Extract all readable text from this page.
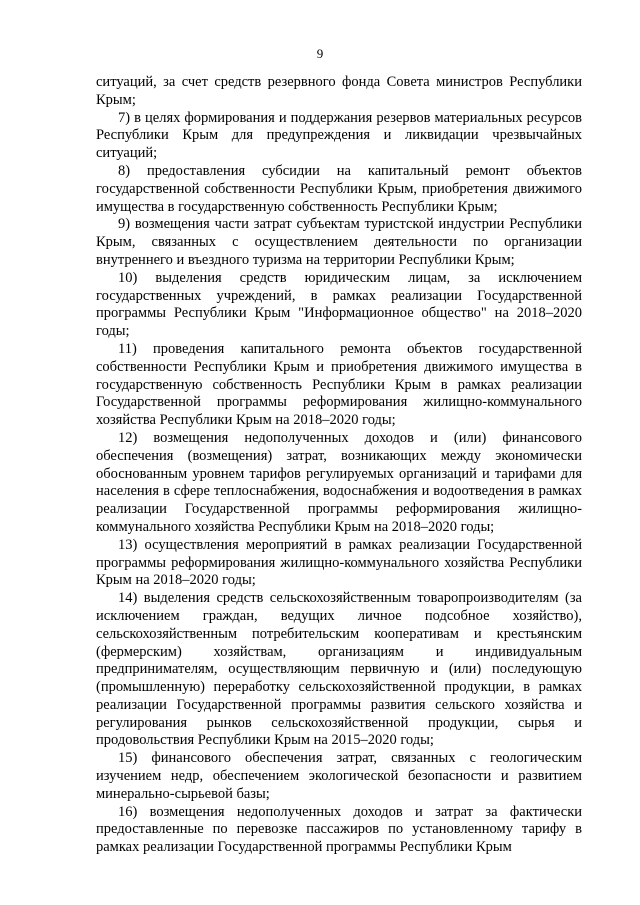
9

ситуаций, за счет средств резервного фонда Совета министров Республики Крым;

7) в целях формирования и поддержания резервов материальных ресурсов Республики Крым для предупреждения и ликвидации чрезвычайных ситуаций;

8) предоставления субсидии на капитальный ремонт объектов государственной собственности Республики Крым, приобретения движимого имущества в государственную собственность Республики Крым;

9) возмещения части затрат субъектам туристской индустрии Республики Крым, связанных с осуществлением деятельности по организации внутреннего и въездного туризма на территории Республики Крым;

10) выделения средств юридическим лицам, за исключением государственных учреждений, в рамках реализации Государственной программы Республики Крым "Информационное общество" на 2018–2020 годы;

11) проведения капитального ремонта объектов государственной собственности Республики Крым и приобретения движимого имущества в государственную собственность Республики Крым в рамках реализации Государственной программы реформирования жилищно-коммунального хозяйства Республики Крым на 2018–2020 годы;

12) возмещения недополученных доходов и (или) финансового обеспечения (возмещения) затрат, возникающих между экономически обоснованным уровнем тарифов регулируемых организаций и тарифами для населения в сфере теплоснабжения, водоснабжения и водоотведения в рамках реализации Государственной программы реформирования жилищно-коммунального хозяйства Республики Крым на 2018–2020 годы;

13) осуществления мероприятий в рамках реализации Государственной программы реформирования жилищно-коммунального хозяйства Республики Крым на 2018–2020 годы;

14) выделения средств сельскохозяйственным товаропроизводителям (за исключением граждан, ведущих личное подсобное хозяйство), сельскохозяйственным потребительским кооперативам и крестьянским (фермерским) хозяйствам, организациям и индивидуальным предпринимателям, осуществляющим первичную и (или) последующую (промышленную) переработку сельскохозяйственной продукции, в рамках реализации Государственной программы развития сельского хозяйства и регулирования рынков сельскохозяйственной продукции, сырья и продовольствия Республики Крым на 2015–2020 годы;

15) финансового обеспечения затрат, связанных с геологическим изучением недр, обеспечением экологической безопасности и развитием минерально-сырьевой базы;

16) возмещения недополученных доходов и затрат за фактически предоставленные по перевозке пассажиров по установленному тарифу в рамках реализации Государственной программы Республики Крым
